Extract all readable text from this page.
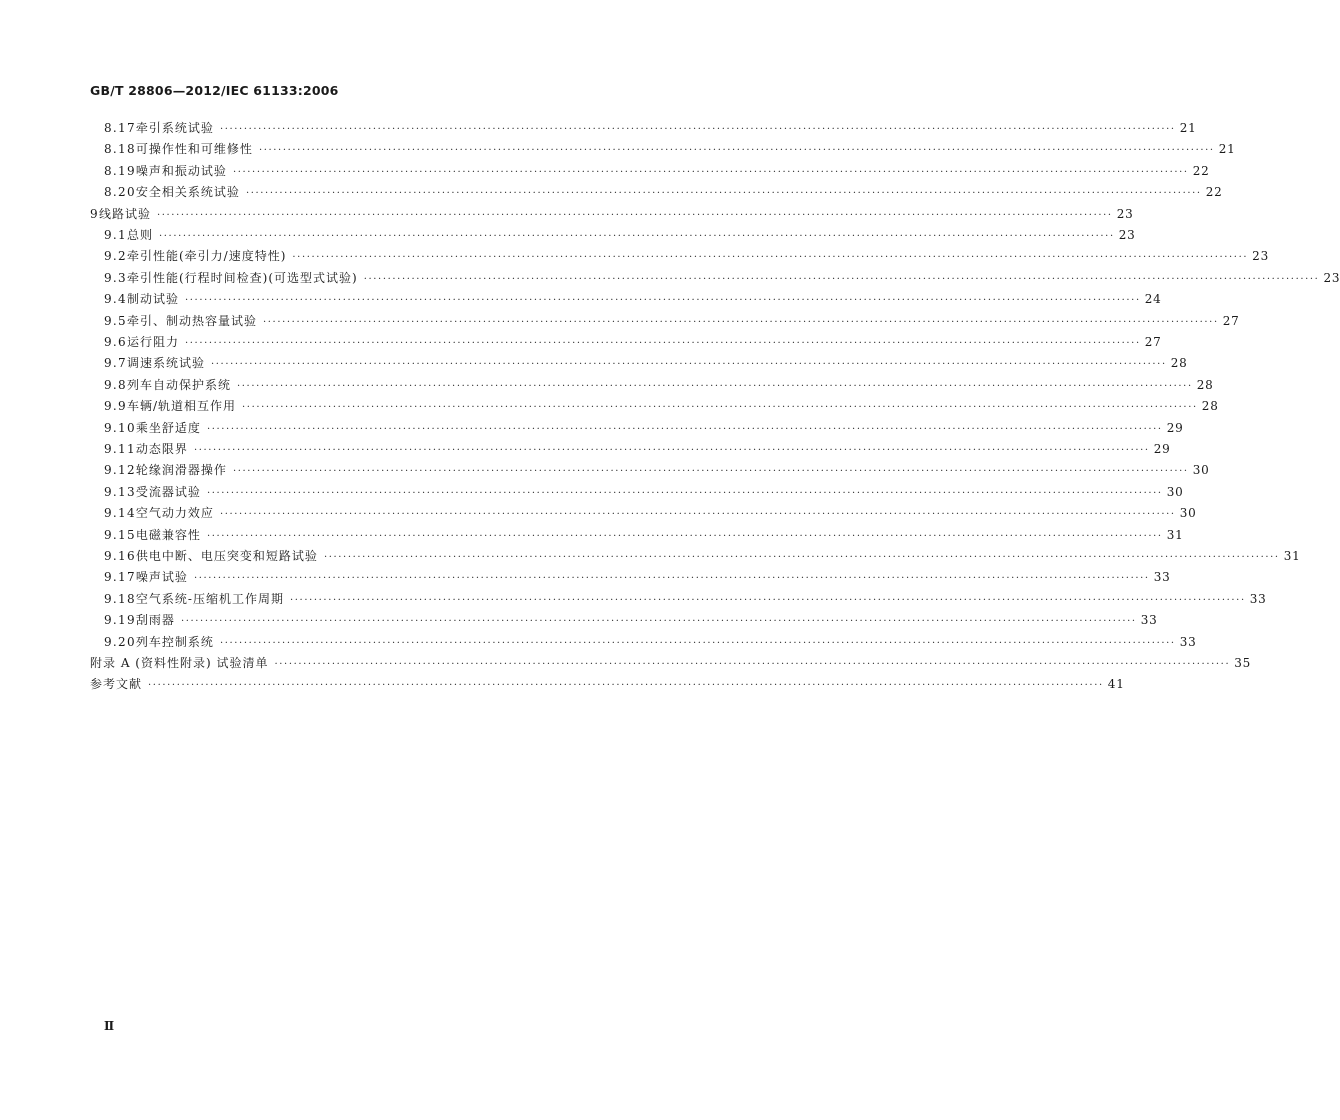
GB/T 28806—2012/IEC 61133:2006
8.17 牵引系统试验 ········································································································································································································ 21
8.18 可操作性和可维修性 ········································································································································································································ 21
8.19 噪声和振动试验 ········································································································································································································ 22
8.20 安全相关系统试验 ········································································································································································································ 22
9 线路试验 ········································································································································································································ 23
9.1 总则 ········································································································································································································ 23
9.2 牵引性能(牵引力/速度特性) ········································································································································································································ 23
9.3 牵引性能(行程时间检查)(可选型式试验) ········································································································································································································ 23
9.4 制动试验 ········································································································································································································ 24
9.5 牵引、制动热容量试验 ········································································································································································································ 27
9.6 运行阻力 ········································································································································································································ 27
9.7 调速系统试验 ········································································································································································································ 28
9.8 列车自动保护系统 ········································································································································································································ 28
9.9 车辆/轨道相互作用 ········································································································································································································ 28
9.10 乘坐舒适度 ········································································································································································································ 29
9.11 动态限界 ········································································································································································································ 29
9.12 轮缘润滑器操作 ········································································································································································································ 30
9.13 受流器试验 ········································································································································································································ 30
9.14 空气动力效应 ········································································································································································································ 30
9.15 电磁兼容性 ········································································································································································································ 31
9.16 供电中断、电压突变和短路试验 ········································································································································································································ 31
9.17 噪声试验 ········································································································································································································ 33
9.18 空气系统-压缩机工作周期 ········································································································································································································ 33
9.19 刮雨器 ········································································································································································································ 33
9.20 列车控制系统 ········································································································································································································ 33
附录 A (资料性附录) 试验清单 ········································································································································································································ 35
参考文献 ········································································································································································································ 41
Ⅱ
